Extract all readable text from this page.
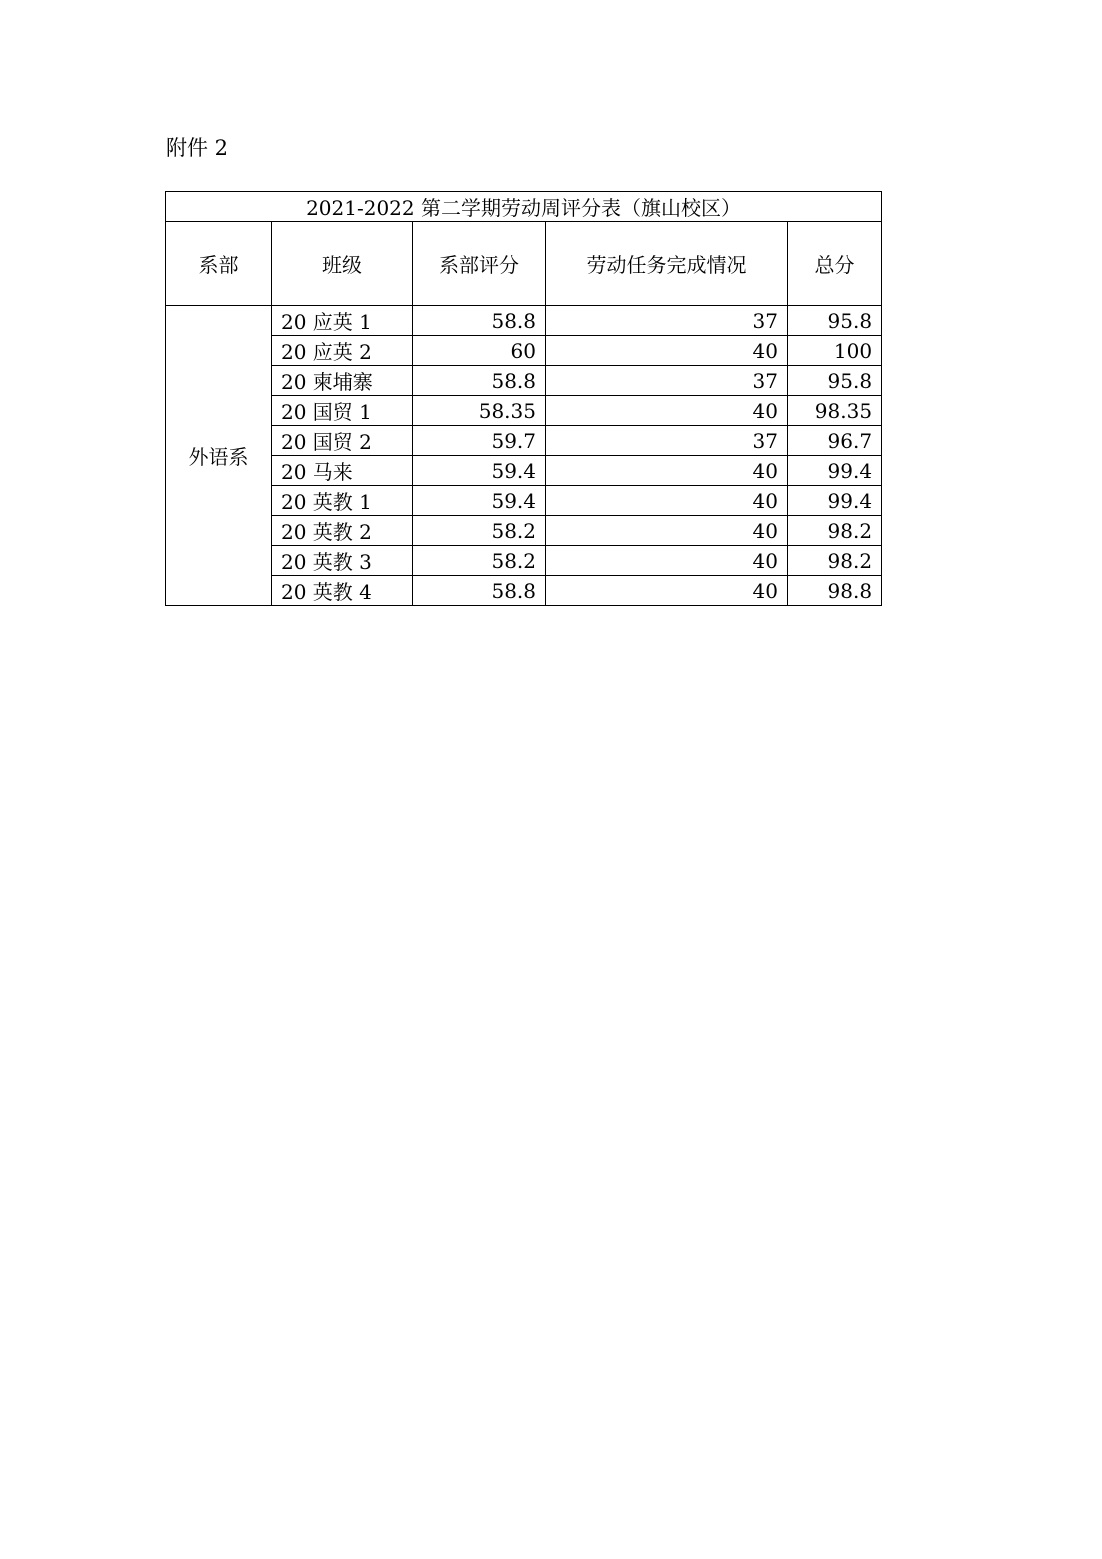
附件 2
2021-2022 第二学期劳动周评分表（旗山校区）				
系部	班级	系部评分	劳动任务完成情况	总分
外语系	20 应英 1	58.8	37	95.8
	20 应英 2	60	40	100
	20 柬埔寨	58.8	37	95.8
	20 国贸 1	58.35	40	98.35
	20 国贸 2	59.7	37	96.7
	20 马来	59.4	40	99.4
	20 英教 1	59.4	40	99.4
	20 英教 2	58.2	40	98.2
	20 英教 3	58.2	40	98.2
	20 英教 4	58.8	40	98.8
